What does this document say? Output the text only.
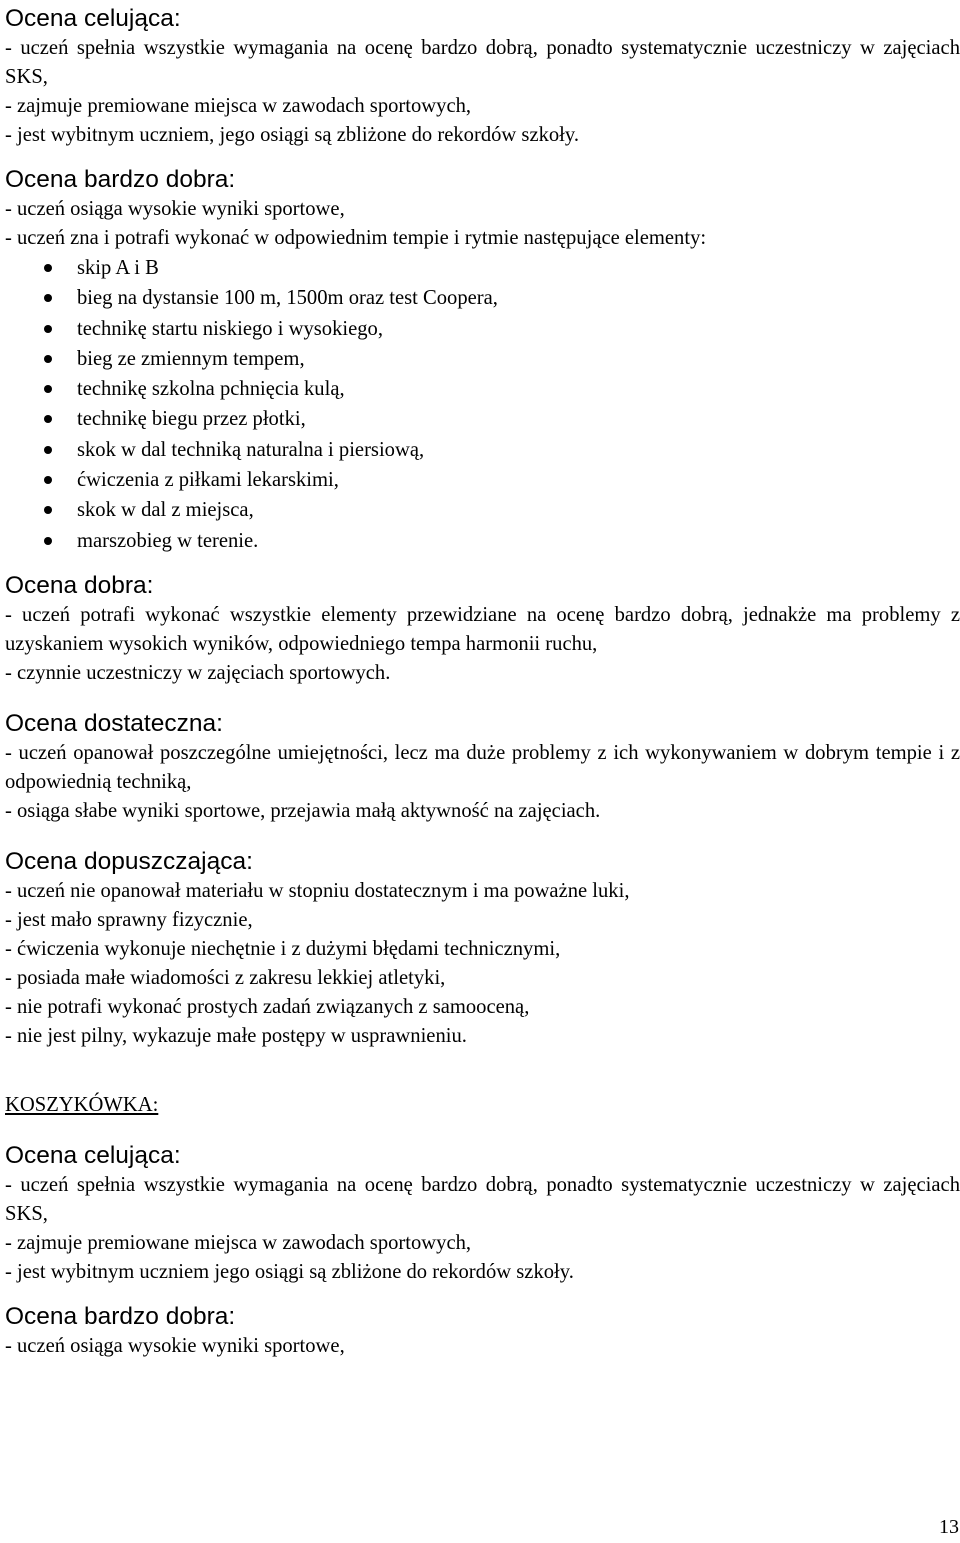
Ocena celująca:

- uczeń spełnia wszystkie wymagania na ocenę bardzo dobrą, ponadto systematycznie uczestniczy w zajęciach SKS,

- zajmuje premiowane miejsca w zawodach sportowych,

- jest wybitnym uczniem, jego osiągi są zbliżone do rekordów szkoły.

Ocena bardzo dobra:

- uczeń osiąga wysokie wyniki sportowe,

- uczeń zna i potrafi wykonać w odpowiednim tempie i rytmie następujące elementy:

skip A i B
bieg na dystansie 100 m, 1500m oraz test Coopera,
technikę startu niskiego i wysokiego,
bieg ze zmiennym tempem,
technikę szkolna pchnięcia kulą,
technikę biegu przez płotki,
skok w dal techniką naturalna i piersiową,
ćwiczenia z piłkami lekarskimi,
skok w dal z miejsca,
marszobieg w terenie.

Ocena dobra:

- uczeń potrafi wykonać wszystkie elementy przewidziane na ocenę bardzo dobrą, jednakże ma problemy z uzyskaniem wysokich wyników, odpowiedniego tempa harmonii ruchu,

- czynnie uczestniczy w zajęciach sportowych.

Ocena dostateczna:

- uczeń opanował poszczególne umiejętności, lecz ma duże problemy z ich wykonywaniem w dobrym tempie i z odpowiednią techniką,

- osiąga słabe wyniki sportowe, przejawia małą aktywność na zajęciach.

Ocena dopuszczająca:

- uczeń nie opanował materiału w stopniu dostatecznym i ma poważne luki,

- jest mało sprawny fizycznie,

- ćwiczenia wykonuje niechętnie i z dużymi błędami technicznymi,

- posiada małe wiadomości z zakresu lekkiej atletyki,

- nie potrafi wykonać prostych zadań związanych z samooceną,

- nie jest pilny, wykazuje małe postępy w usprawnieniu.

KOSZYKÓWKA:

Ocena celująca:

- uczeń spełnia wszystkie wymagania na ocenę bardzo dobrą, ponadto systematycznie uczestniczy w zajęciach SKS,

- zajmuje premiowane miejsca w zawodach sportowych,

- jest wybitnym uczniem jego osiągi są zbliżone do rekordów szkoły.

Ocena bardzo dobra:

- uczeń osiąga wysokie wyniki sportowe,

13
